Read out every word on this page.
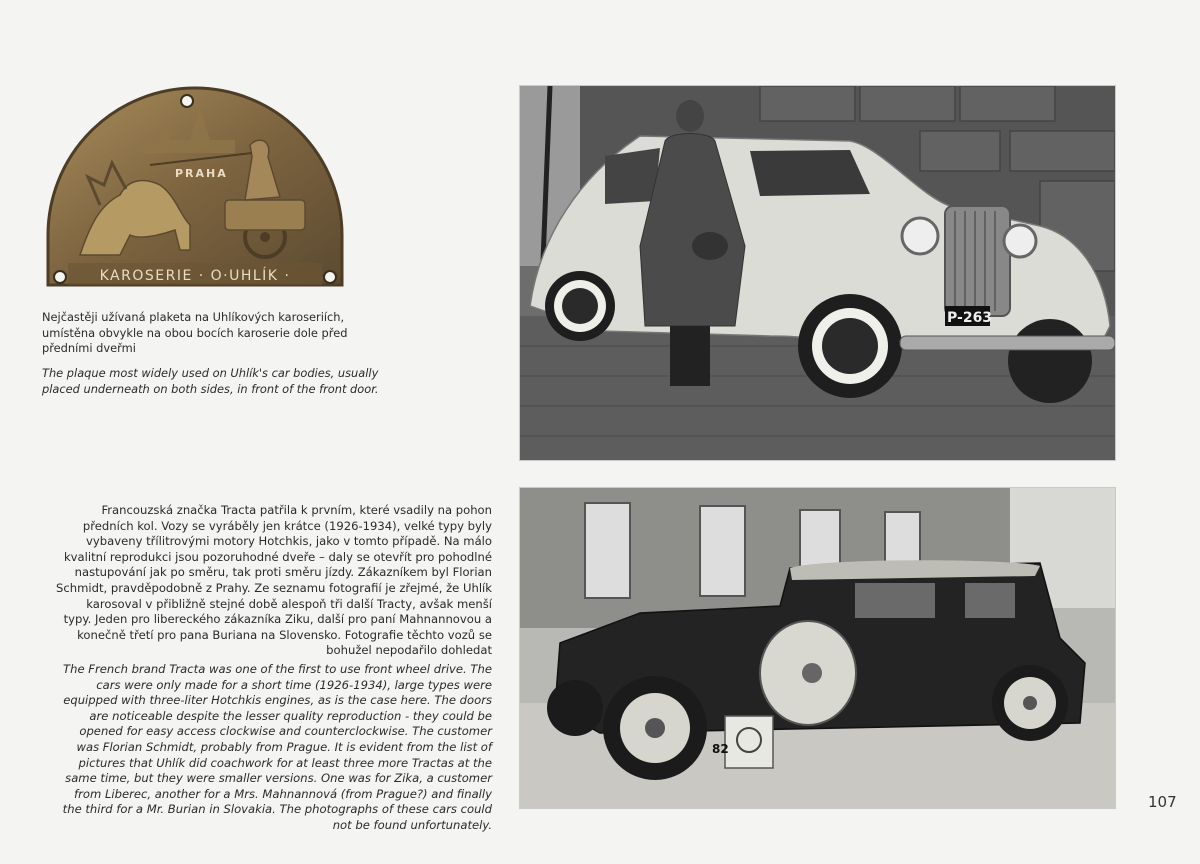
PRAHA
KAROSERIE · O·UHLÍK ·
Nejčastěji užívaná plaketa na Uhlíkových karoseriích, umístěna obvykle na obou bocích karoserie dole před předními dveřmi
The plaque most widely used on Uhlík's car bodies, usually placed underneath on both sides, in front of the front door.
Francouzská značka Tracta patřila k prvním, které vsadily na pohon předních kol. Vozy se vyráběly jen krátce (1926-1934), velké typy byly vybaveny třílitrovými motory Hotchkis, jako v tomto případě. Na málo kvalitní reprodukci jsou pozoruhodné dveře – daly se otevřít pro pohodlné nastupování jak po směru, tak proti směru jízdy. Zákazníkem byl Florian Schmidt, pravděpodobně z Prahy. Ze seznamu fotografií je zřejmé, že Uhlík karosoval v přibližně stejné době alespoň tři další Tracty, avšak menší typy. Jeden pro libereckého zákazníka Ziku, další pro paní Mahnannovou a konečně třetí pro pana Buriana na Slovensko. Fotografie těchto vozů se bohužel nepodařilo dohledat
The French brand Tracta was one of the first to use front wheel drive. The cars were only made for a short time (1926-1934), large types were equipped with three-liter Hotchkis engines, as is the case here. The doors are noticeable despite the lesser quality reproduction - they could be opened for easy access clockwise and counterclockwise. The customer was Florian Schmidt, probably from Prague. It is evident from the list of pictures that Uhlík did coachwork for at least three more Tractas at the same time, but they were smaller versions. One was for Zika, a customer from Liberec, another for a Mrs. Mahnannová (from Prague?) and finally the third for a Mr. Burian in Slovakia. The photographs of these cars could not be found unfortunately.
P-263
82
107
